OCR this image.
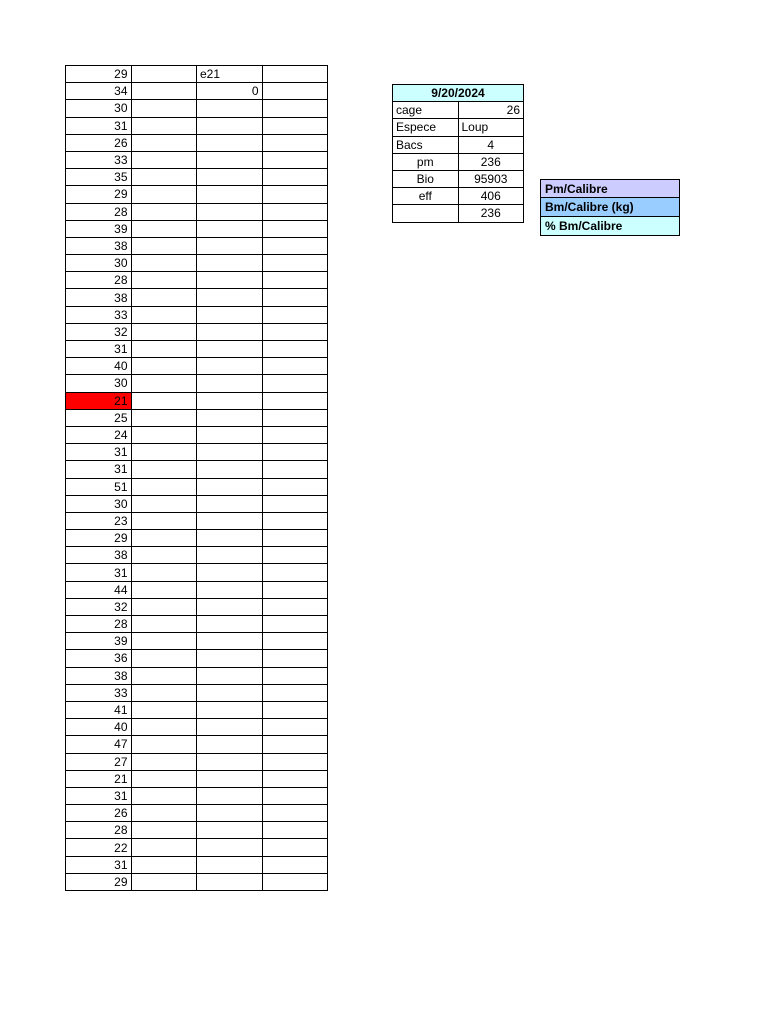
29		e21	
34		0	
30			
31			
26			
33			
35			
29			
28			
39			
38			
30			
28			
38			
33			
32			
31			
40			
30			
21			
25			
24			
31			
31			
51			
30			
23			
29			
38			
31			
44			
32			
28			
39			
36			
38			
33			
41			
40			
47			
27			
21			
31			
26			
28			
22			
31			
29			
9/20/2024	
cage	26
Espece	Loup
Bacs	4
pm	236
Bio	95903
eff	406
	236
Pm/Calibre
Bm/Calibre (kg)
% Bm/Calibre
